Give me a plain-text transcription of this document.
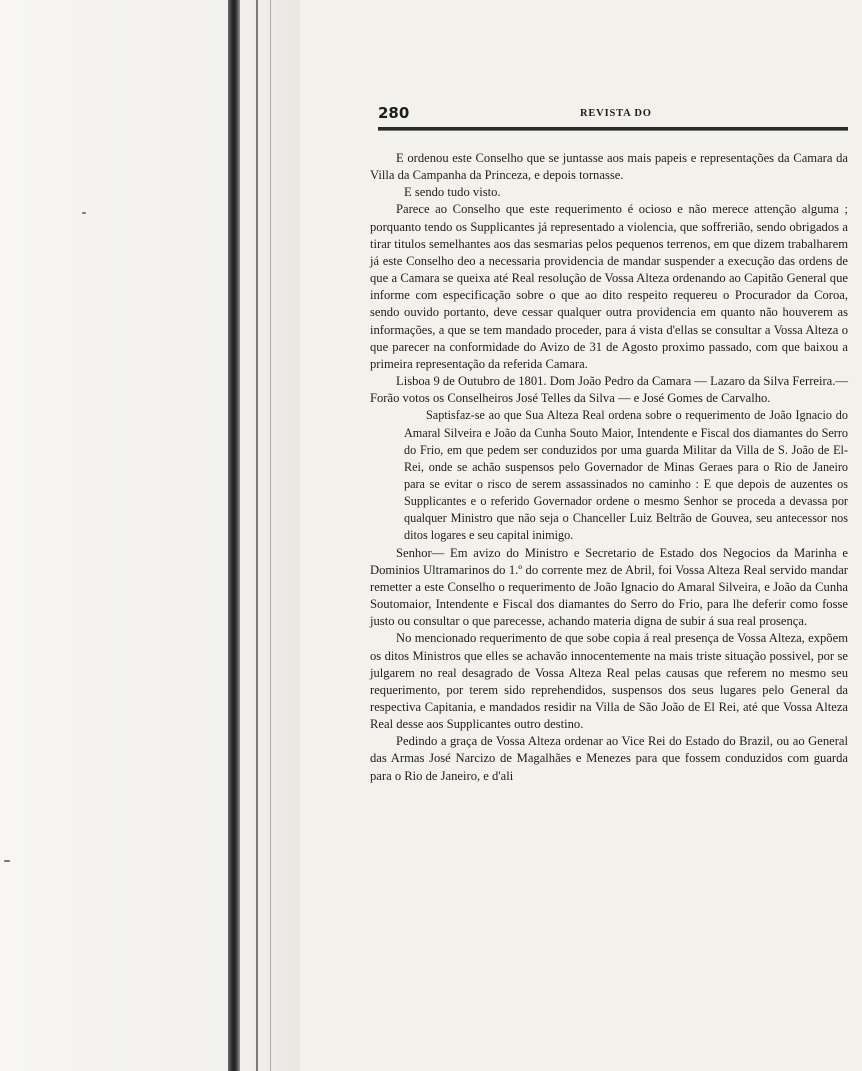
280	REVISTA DO

E ordenou este Conselho que se juntasse aos mais papeis e representações da Camara da Villa da Campanha da Princeza, e depois tornasse.

E sendo tudo visto.

Parece ao Conselho que este requerimento é ocioso e não merece attenção alguma ; porquanto tendo os Supplicantes já representado a violencia, que soffrerião, sendo obrigados a tirar titulos semelhantes aos das sesmarias pelos pequenos terrenos, em que dizem trabalharem já este Conselho deo a necessaria providencia de mandar suspender a execução das ordens de que a Camara se queixa até Real resolução de Vossa Alteza ordenando ao Capitão General que informe com especificação sobre o que ao dito respeito requereu o Procurador da Coroa, sendo ouvido portanto, deve cessar qualquer outra providencia em quanto não houverem as informações, a que se tem mandado proceder, para á vista d'ellas se consultar a Vossa Alteza o que parecer na conformidade do Avizo de 31 de Agosto proximo passado, com que baixou a primeira representação da referida Camara.

Lisboa 9 de Outubro de 1801. Dom João Pedro da Camara — Lazaro da Silva Ferreira.— Forão votos os Conselheiros José Telles da Silva — e José Gomes de Carvalho.

Saptisfaz-se ao que Sua Alteza Real ordena sobre o requerimento de João Ignacio do Amaral Silveira e João da Cunha Souto Maior, Intendente e Fiscal dos diamantes do Serro do Frio, em que pedem ser conduzidos por uma guarda Militar da Villa de S. João de El-Rei, onde se achão suspensos pelo Governador de Minas Geraes para o Rio de Janeiro para se evitar o risco de serem assassinados no caminho : E que depois de auzentes os Supplicantes e o referido Governador ordene o mesmo Senhor se proceda a devassa por qualquer Ministro que não seja o Chanceller Luiz Beltrão de Gouvea, seu antecessor nos ditos logares e seu capital inimigo.

Senhor— Em avizo do Ministro e Secretario de Estado dos Negocios da Marinha e Dominios Ultramarinos do 1.º do corrente mez de Abril, foi Vossa Alteza Real servido mandar remetter a este Conselho o requerimento de João Ignacio do Amaral Silveira, e João da Cunha Soutomaior, Intendente e Fiscal dos diamantes do Serro do Frio, para lhe deferir como fosse justo ou consultar o que parecesse, achando materia digna de subir á sua real prosença.

No mencionado requerimento de que sobe copia á real presença de Vossa Alteza, expõem os ditos Ministros que elles se achavão innocentemente na mais triste situação possivel, por se julgarem no real desagrado de Vossa Alteza Real pelas causas que referem no mesmo seu requerimento, por terem sido reprehendidos, suspensos dos seus lugares pelo General da respectiva Capitania, e mandados residir na Villa de São João de El Rei, até que Vossa Alteza Real desse aos Supplicantes outro destino.

Pedindo a graça de Vossa Alteza ordenar ao Vice Rei do Estado do Brazil, ou ao General das Armas José Narcizo de Magalhães e Menezes para que fossem conduzidos com guarda para o Rio de Janeiro, e d'ali
